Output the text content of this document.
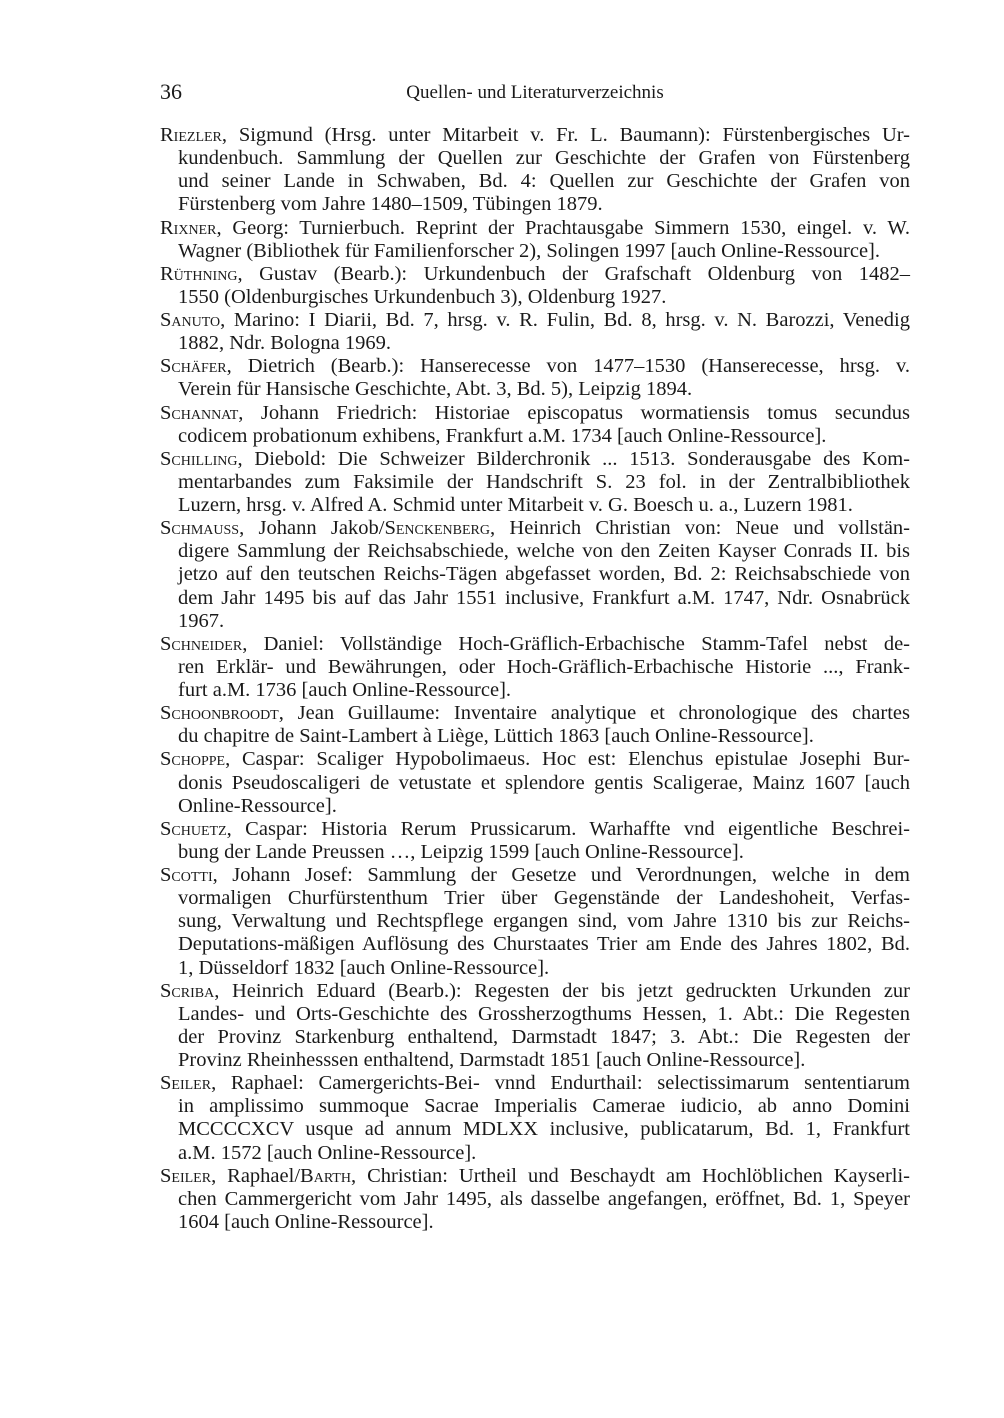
36	Quellen- und Literaturverzeichnis
Riezler, Sigmund (Hrsg. unter Mitarbeit v. Fr. L. Baumann): Fürstenbergisches Ur-
kundenbuch. Sammlung der Quellen zur Geschichte der Grafen von Fürstenberg
und seiner Lande in Schwaben, Bd. 4: Quellen zur Geschichte der Grafen von
Fürstenberg vom Jahre 1480–1509, Tübingen 1879.
Rixner, Georg: Turnierbuch. Reprint der Prachtausgabe Simmern 1530, eingel. v. W.
Wagner (Bibliothek für Familienforscher 2), Solingen 1997 [auch Online-Ressource].
Rüthning, Gustav (Bearb.): Urkundenbuch der Grafschaft Oldenburg von 1482–
1550 (Oldenburgisches Urkundenbuch 3), Oldenburg 1927.
Sanuto, Marino: I Diarii, Bd. 7, hrsg. v. R. Fulin, Bd. 8, hrsg. v. N. Barozzi, Venedig
1882, Ndr. Bologna 1969.
Schäfer, Dietrich (Bearb.): Hanserecesse von 1477–1530 (Hanserecesse, hrsg. v.
Verein für Hansische Geschichte, Abt. 3, Bd. 5), Leipzig 1894.
Schannat, Johann Friedrich: Historiae episcopatus wormatiensis tomus secundus
codicem probationum exhibens, Frankfurt a.M. 1734 [auch Online-Ressource].
Schilling, Diebold: Die Schweizer Bilderchronik ... 1513. Sonderausgabe des Kom-
mentarbandes zum Faksimile der Handschrift S. 23 fol. in der Zentralbibliothek
Luzern, hrsg. v. Alfred A. Schmid unter Mitarbeit v. G. Boesch u. a., Luzern 1981.
Schmauss, Johann Jakob/Senckenberg, Heinrich Christian von: Neue und vollstän-
digere Sammlung der Reichsabschiede, welche von den Zeiten Kayser Conrads II. bis
jetzo auf den teutschen Reichs-Tägen abgefasset worden, Bd. 2: Reichsabschiede von
dem Jahr 1495 bis auf das Jahr 1551 inclusive, Frankfurt a.M. 1747, Ndr. Osnabrück
1967.
Schneider, Daniel: Vollständige Hoch-Gräflich-Erbachische Stamm-Tafel nebst de-
ren Erklär- und Bewährungen, oder Hoch-Gräflich-Erbachische Historie ..., Frank-
furt a.M. 1736 [auch Online-Ressource].
Schoonbroodt, Jean Guillaume: Inventaire analytique et chronologique des chartes
du chapitre de Saint-Lambert à Liège, Lüttich 1863 [auch Online-Ressource].
Schoppe, Caspar: Scaliger Hypobolimaeus. Hoc est: Elenchus epistulae Josephi Bur-
donis Pseudoscaligeri de vetustate et splendore gentis Scaligerae, Mainz 1607 [auch
Online-Ressource].
Schuetz, Caspar: Historia Rerum Prussicarum. Warhaffte vnd eigentliche Beschrei-
bung der Lande Preussen …, Leipzig 1599 [auch Online-Ressource].
Scotti, Johann Josef: Sammlung der Gesetze und Verordnungen, welche in dem
vormaligen Churfürstenthum Trier über Gegenstände der Landeshoheit, Verfas-
sung, Verwaltung und Rechtspflege ergangen sind, vom Jahre 1310 bis zur Reichs-
Deputations-mäßigen Auflösung des Churstaates Trier am Ende des Jahres 1802, Bd.
1, Düsseldorf 1832 [auch Online-Ressource].
Scriba, Heinrich Eduard (Bearb.): Regesten der bis jetzt gedruckten Urkunden zur
Landes- und Orts-Geschichte des Grossherzogthums Hessen, 1. Abt.: Die Regesten
der Provinz Starkenburg enthaltend, Darmstadt 1847; 3. Abt.: Die Regesten der
Provinz Rheinhesssen enthaltend, Darmstadt 1851 [auch Online-Ressource].
Seiler, Raphael: Camergerichts-Bei- vnnd Endurthail: selectissimarum sententiarum
in amplissimo summoque Sacrae Imperialis Camerae iudicio, ab anno Domini
MCCCCXCV usque ad annum MDLXX inclusive, publicatarum, Bd. 1, Frankfurt
a.M. 1572 [auch Online-Ressource].
Seiler, Raphael/Barth, Christian: Urtheil und Beschaydt am Hochlöblichen Kayserli-
chen Cammergericht vom Jahr 1495, als dasselbe angefangen, eröffnet, Bd. 1, Speyer
1604 [auch Online-Ressource].
